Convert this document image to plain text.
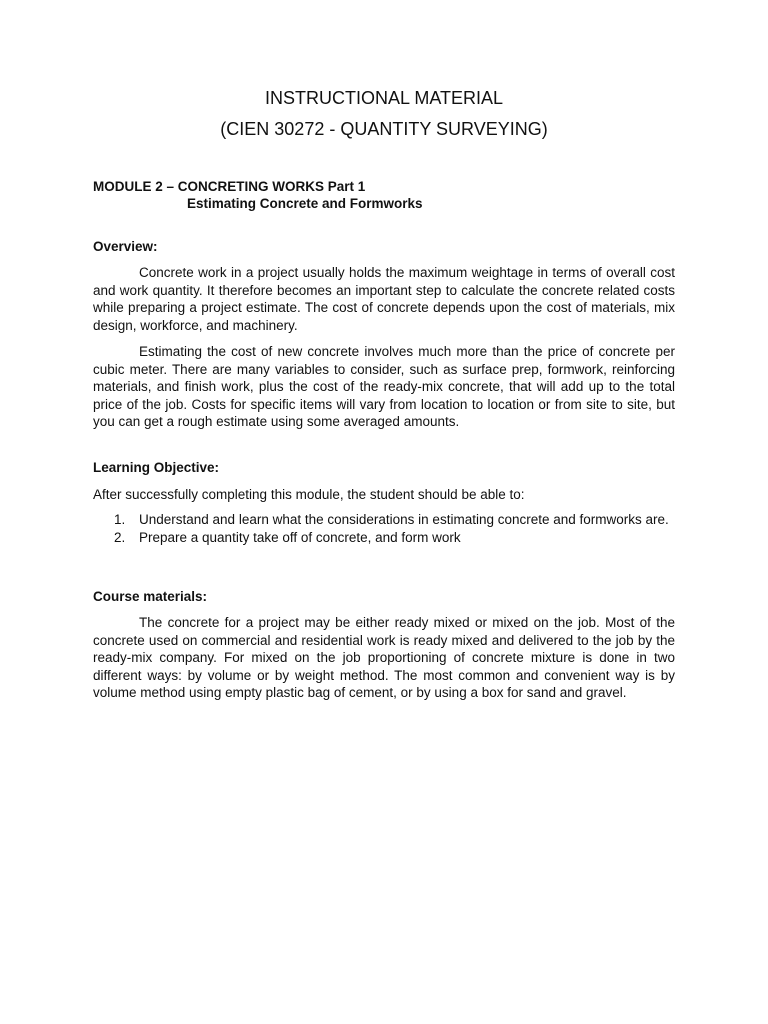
INSTRUCTIONAL MATERIAL
(CIEN 30272 - QUANTITY SURVEYING)
MODULE 2 – CONCRETING WORKS Part 1
Estimating Concrete and Formworks
Overview:

Concrete work in a project usually holds the maximum weightage in terms of overall cost and work quantity. It therefore becomes an important step to calculate the concrete related costs while preparing a project estimate. The cost of concrete depends upon the cost of materials, mix design, workforce, and machinery.

Estimating the cost of new concrete involves much more than the price of concrete per cubic meter. There are many variables to consider, such as surface prep, formwork, reinforcing materials, and finish work, plus the cost of the ready-mix concrete, that will add up to the total price of the job. Costs for specific items will vary from location to location or from site to site, but you can get a rough estimate using some averaged amounts.

Learning Objective:
After successfully completing this module, the student should be able to:
1. Understand and learn what the considerations in estimating concrete and formworks are.
2. Prepare a quantity take off of concrete, and form work
Course materials:

The concrete for a project may be either ready mixed or mixed on the job. Most of the concrete used on commercial and residential work is ready mixed and delivered to the job by the ready-mix company. For mixed on the job proportioning of concrete mixture is done in two different ways: by volume or by weight method. The most common and convenient way is by volume method using empty plastic bag of cement, or by using a box for sand and gravel.
